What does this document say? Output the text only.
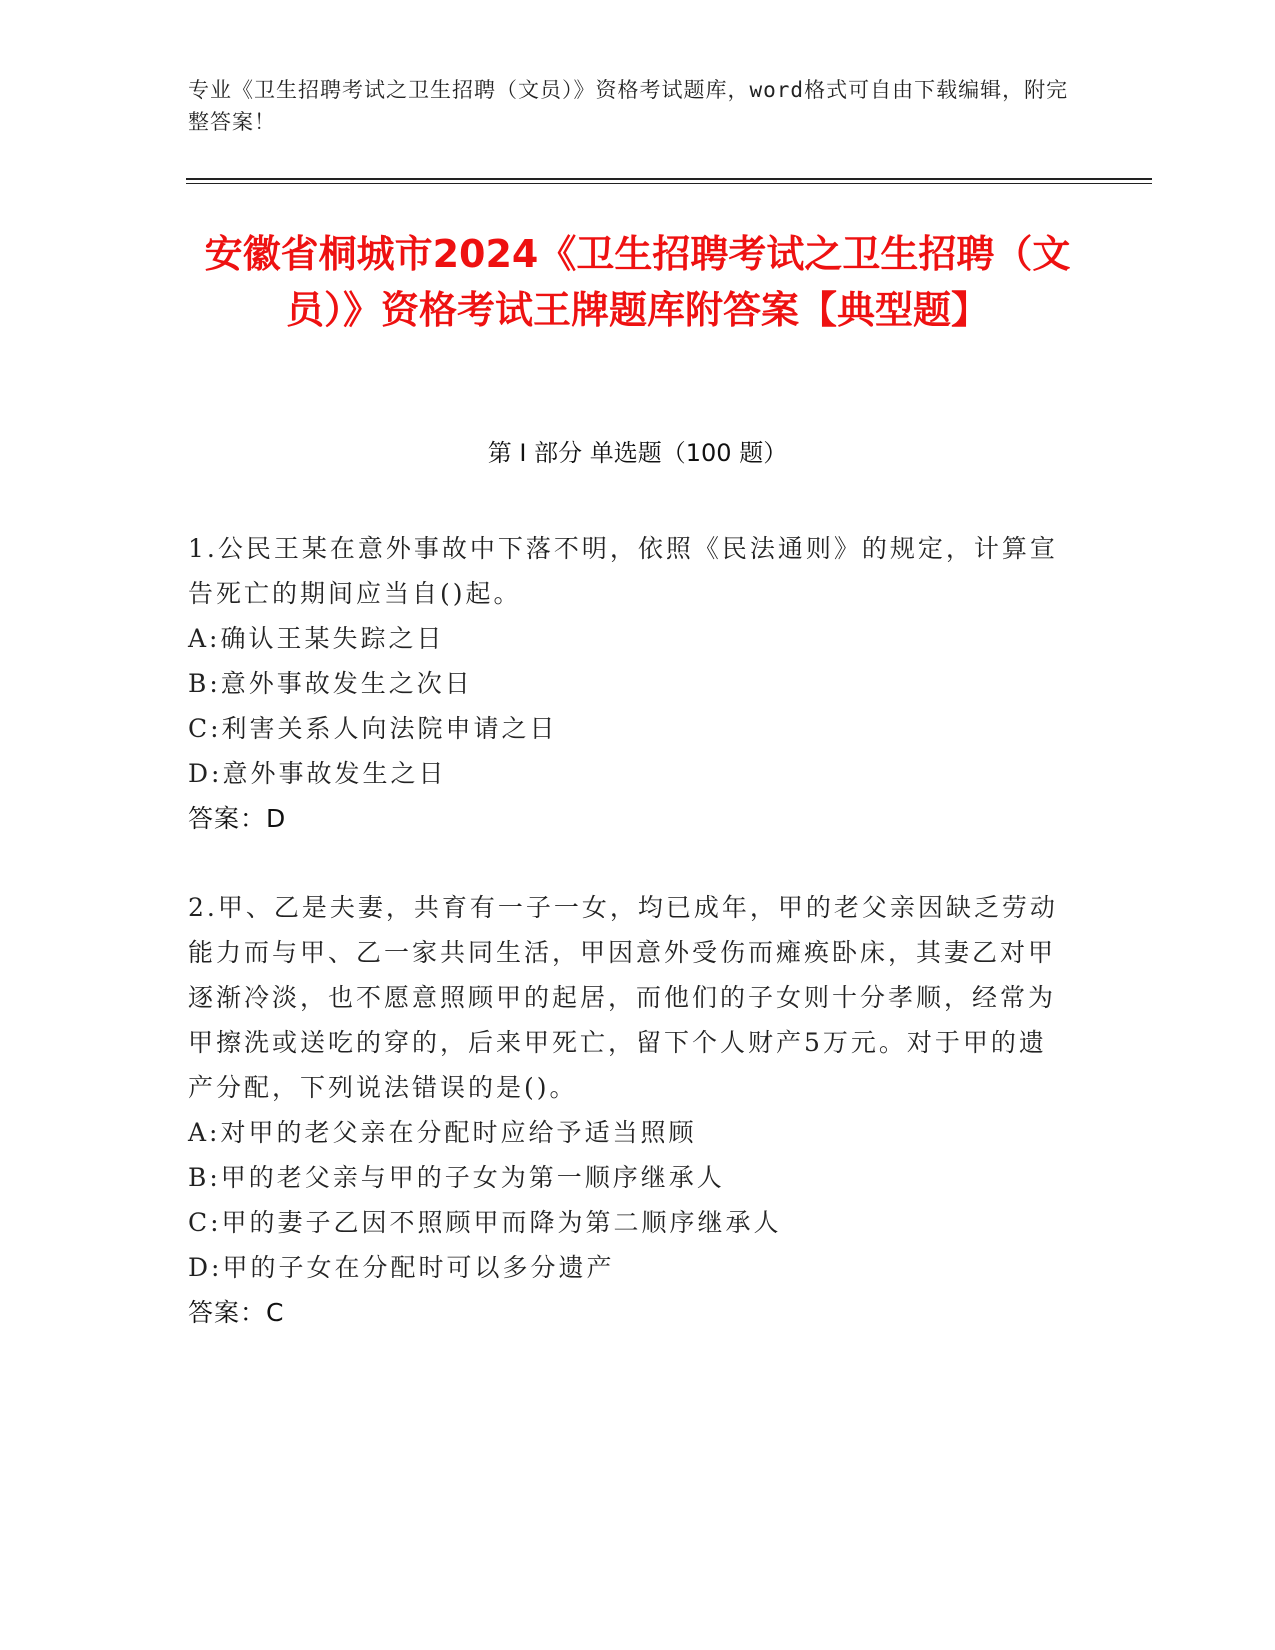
专业《卫生招聘考试之卫生招聘（文员）》资格考试题库，word格式可自由下载编辑，附完整答案！
安徽省桐城市2024《卫生招聘考试之卫生招聘（文员）》资格考试王牌题库附答案【典型题】
第 I 部分 单选题（100 题）

1.公民王某在意外事故中下落不明，依照《民法通则》的规定，计算宣告死亡的期间应当自()起。

A:确认王某失踪之日

B:意外事故发生之次日

C:利害关系人向法院申请之日

D:意外事故发生之日

答案：D

2.甲、乙是夫妻，共育有一子一女，均已成年，甲的老父亲因缺乏劳动能力而与甲、乙一家共同生活，甲因意外受伤而瘫痪卧床，其妻乙对甲逐渐冷淡，也不愿意照顾甲的起居，而他们的子女则十分孝顺，经常为甲擦洗或送吃的穿的，后来甲死亡，留下个人财产5万元。对于甲的遗产分配，下列说法错误的是()。

A:对甲的老父亲在分配时应给予适当照顾

B:甲的老父亲与甲的子女为第一顺序继承人

C:甲的妻子乙因不照顾甲而降为第二顺序继承人

D:甲的子女在分配时可以多分遗产

答案：C
